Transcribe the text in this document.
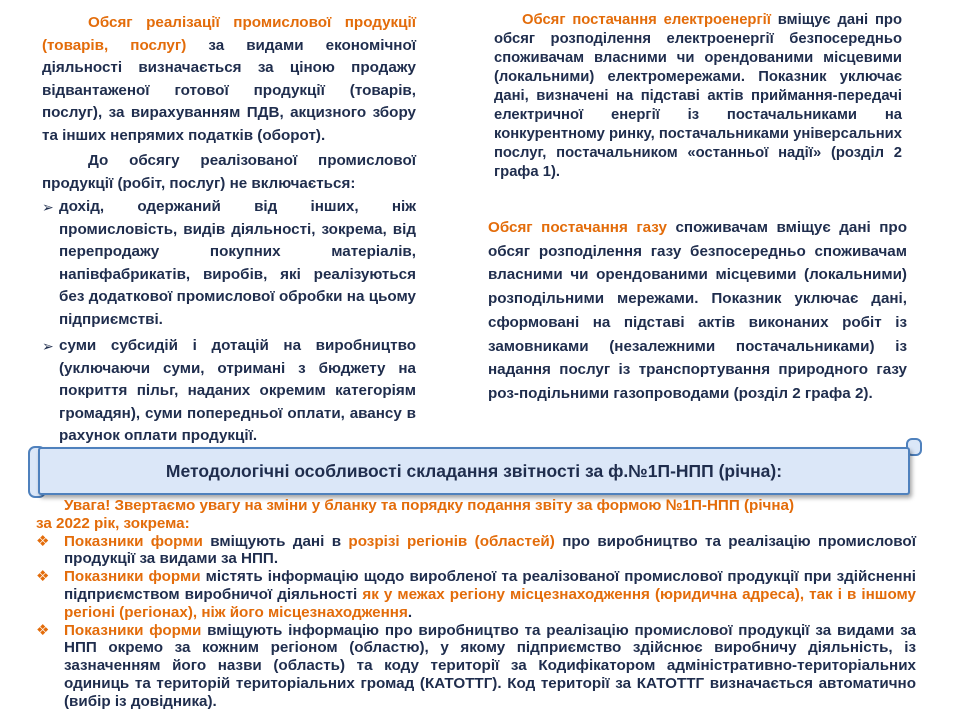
Обсяг реалізації промислової продукції (товарів, послуг) за видами економічної діяльності визначається за ціною продажу відвантаженої готової продукції (товарів, послуг), за вирахуванням ПДВ, акцизного збору та інших непрямих податків (оборот).

До обсягу реалізованої промислової продукції (робіт, послуг) не включається:

➢ дохід, одержаний від інших, ніж промисловість, видів діяльності, зокрема, від перепродажу покупних матеріалів, напівфабрикатів, виробів, які реалізуються без додаткової промислової обробки на цьому підприємстві.
➢ суми субсидій і дотацій на виробництво (уключаючи суми, отримані з бюджету на покриття пільг, наданих окремим категоріям громадян), суми попередньої оплати, авансу в рахунок оплати продукції.

Обсяг постачання електроенергії вміщує дані про обсяг розподілення електроенергії безпосередньо споживачам власними чи орендованими місцевими (локальними) електромережами. Показник уключає дані, визначені на підставі актів приймання-передачі електричної енергії із постачальниками на конкурентному ринку, постачальниками універсальних послуг, постачальником «останньої надії» (розділ 2 графа 1).

Обсяг постачання газу споживачам вміщує дані про обсяг розподілення газу безпосередньо споживачам власними чи орендованими місцевими (локальними) розподільними мережами. Показник уключає дані, сформовані на підставі актів виконаних робіт із замовниками (незалежними постачальниками) із надання послуг із транспортування природного газу роз-подільними газопроводами (розділ 2 графа 2).

Методологічні особливості складання звітності за ф.№1П-НПП (річна):
Увага! Звертаємо увагу на зміни у бланку та порядку подання звіту за формою №1П-НПП (річна)
за 2022 рік, зокрема:
❖ Показники форми вміщують дані в розрізі регіонів (областей) про виробництво та реалізацію промислової продукції за видами за НПП.
❖ Показники форми містять інформацію щодо виробленої та реалізованої промислової продукції при здійсненні підприємством виробничої діяльності як у межах регіону місцезнаходження (юридична адреса), так і в іншому регіоні (регіонах), ніж його місцезнаходження.
❖ Показники форми вміщують інформацію про виробництво та реалізацію промислової продукції за видами за НПП окремо за кожним регіоном (областю), у якому підприємство здійснює виробничу діяльність, із зазначенням його назви (область) та коду території за Кодифікатором адміністративно-територіальних одиниць та територій територіальних громад (КАТОТТГ). Код території за КАТОТТГ визначається автоматично (вибір із довідника).
